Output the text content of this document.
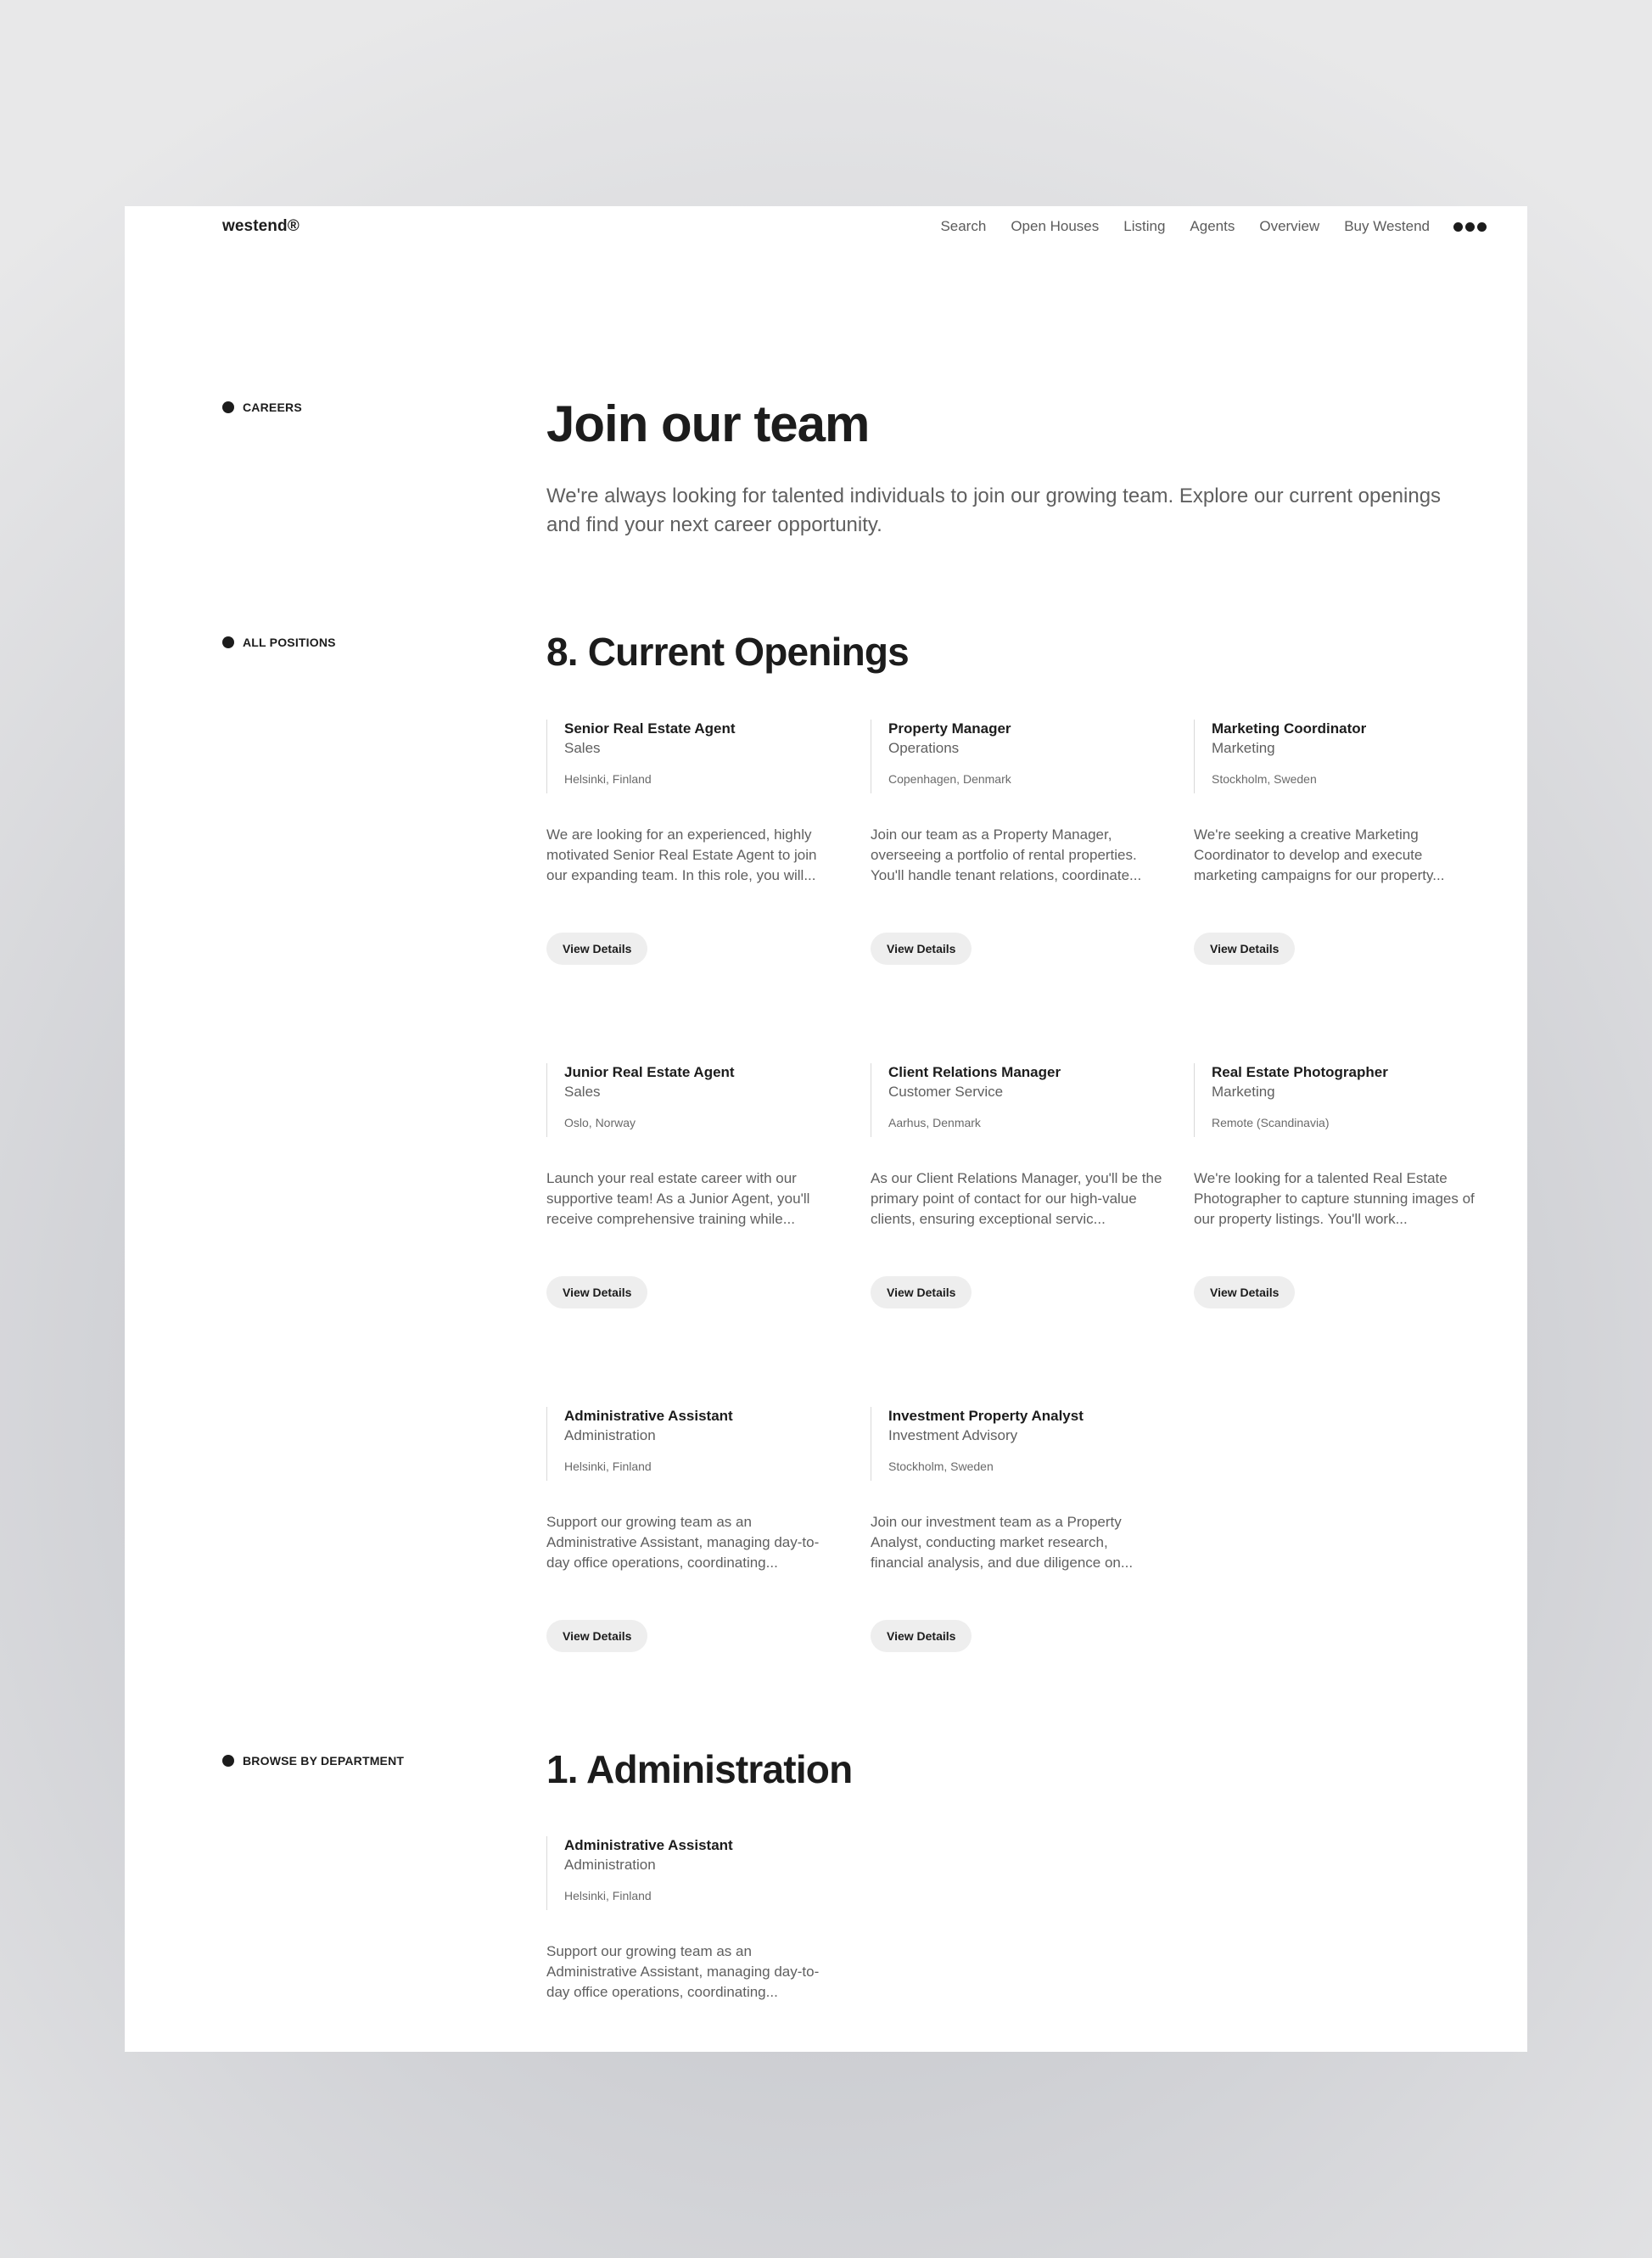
westend®	Search Open Houses Listing Agents Overview Buy Westend
CAREERS	Join our team

We're always looking for talented individuals to join our growing team. Explore our current openings and find your next career opportunity.

ALL POSITIONS	8. Current Openings
Senior Real Estate Agent
Sales
Helsinki, Finland
We are looking for an experienced, highly motivated Senior Real Estate Agent to join our expanding team. In this role, you will...
View Details
Property Manager
Operations
Copenhagen, Denmark
Join our team as a Property Manager, overseeing a portfolio of rental properties. You'll handle tenant relations, coordinate...
View Details
Marketing Coordinator
Marketing
Stockholm, Sweden
We're seeking a creative Marketing Coordinator to develop and execute marketing campaigns for our property...
View Details
Junior Real Estate Agent
Sales
Oslo, Norway
Launch your real estate career with our supportive team! As a Junior Agent, you'll receive comprehensive training while...
View Details
Client Relations Manager
Customer Service
Aarhus, Denmark
As our Client Relations Manager, you'll be the primary point of contact for our high-value clients, ensuring exceptional servic...
View Details
Real Estate Photographer
Marketing
Remote (Scandinavia)
We're looking for a talented Real Estate Photographer to capture stunning images of our property listings. You'll work...
View Details
Administrative Assistant
Administration
Helsinki, Finland
Support our growing team as an Administrative Assistant, managing day-to-day office operations, coordinating...
View Details
Investment Property Analyst
Investment Advisory
Stockholm, Sweden
Join our investment team as a Property Analyst, conducting market research, financial analysis, and due diligence on...
View Details
BROWSE BY DEPARTMENT	1. Administration
Administrative Assistant
Administration
Helsinki, Finland
Support our growing team as an Administrative Assistant, managing day-to-day office operations, coordinating...
